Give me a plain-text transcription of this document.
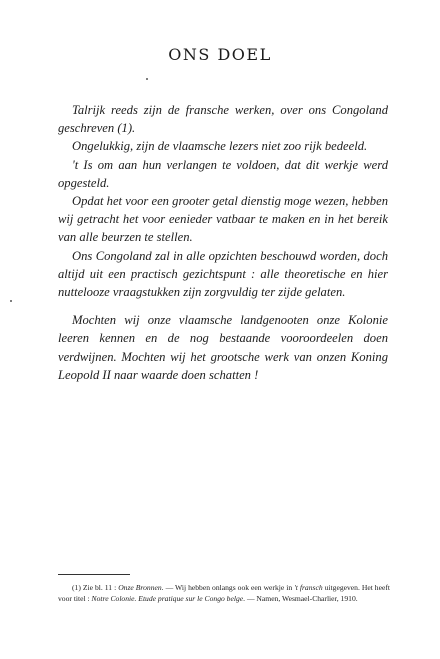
ONS DOEL

Talrijk reeds zijn de fransche werken, over ons Congoland geschreven (1).

Ongelukkig, zijn de vlaamsche lezers niet zoo rijk bedeeld.

't Is om aan hun verlangen te voldoen, dat dit werkje werd opgesteld.

Opdat het voor een grooter getal dienstig moge wezen, hebben wij getracht het voor eenieder vatbaar te maken en in het bereik van alle beurzen te stellen.

Ons Congoland zal in alle opzichten beschouwd worden, doch altijd uit een practisch gezichtspunt : alle theoretische en hier nuttelooze vraagstukken zijn zorgvuldig ter zijde gelaten.

Mochten wij onze vlaamsche landgenooten onze Kolonie leeren kennen en de nog bestaande vooroordeelen doen verdwijnen. Mochten wij het grootsche werk van onzen Koning Leopold II naar waarde doen schatten !

(1) Zie bl. 11 : Onze Bronnen. — Wij hebben onlangs ook een werkje in 't fransch uitgegeven. Het heeft voor titel : Notre Colonie. Etude pratique sur le Congo belge. — Namen, Wesmael-Charlier, 1910.
